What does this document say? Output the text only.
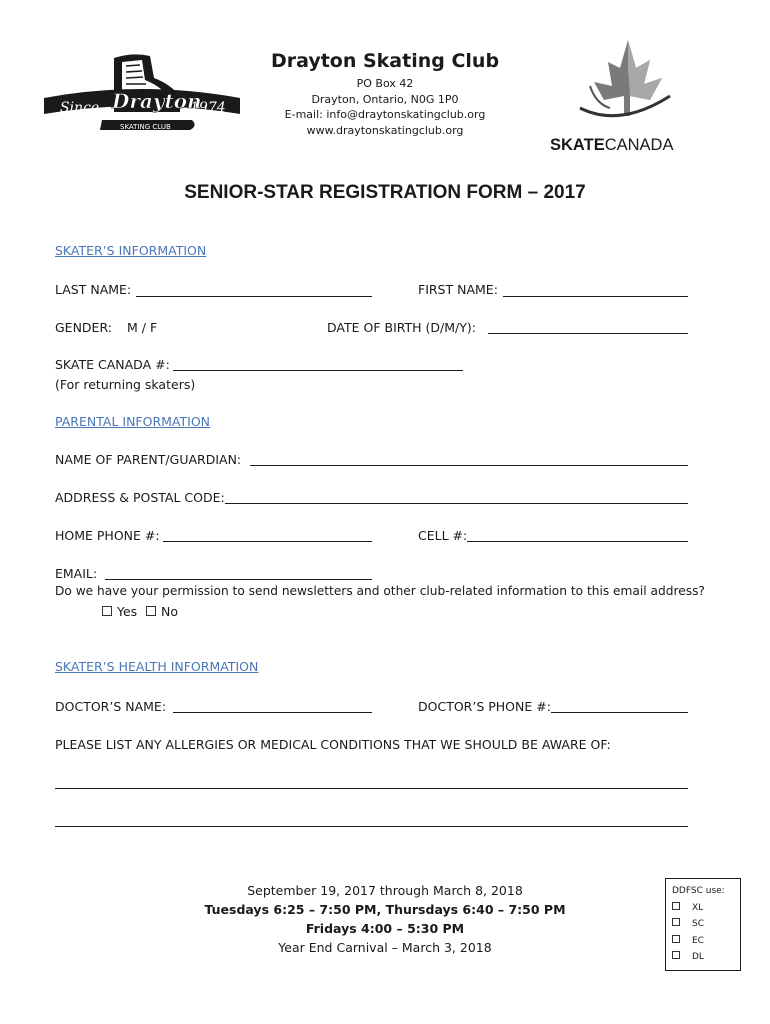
Since	1974
Drayton
SKATING CLUB
Drayton Skating Club
PO Box 42
Drayton, Ontario, N0G 1P0
E-mail: info@draytonskatingclub.org
www.draytonskatingclub.org
SKATECANADA
SENIOR-STAR REGISTRATION FORM – 2017
SKATER’S INFORMATION
LAST NAME:	FIRST NAME:
GENDER: M / F	DATE OF BIRTH (D/M/Y):
SKATE CANADA #:
(For returning skaters)
PARENTAL INFORMATION
NAME OF PARENT/GUARDIAN:
ADDRESS & POSTAL CODE:
HOME PHONE #:	CELL #:
EMAIL:
Do we have your permission to send newsletters and other club-related information to this email address?
Yes	No
SKATER’S HEALTH INFORMATION
DOCTOR’S NAME:	DOCTOR’S PHONE #:
PLEASE LIST ANY ALLERGIES OR MEDICAL CONDITIONS THAT WE SHOULD BE AWARE OF:
September 19, 2017 through March 8, 2018
Tuesdays 6:25 – 7:50 PM, Thursdays 6:40 – 7:50 PM
Fridays 4:00 – 5:30 PM
Year End Carnival – March 3, 2018
DDFSC use:
XL
SC
EC
DL
